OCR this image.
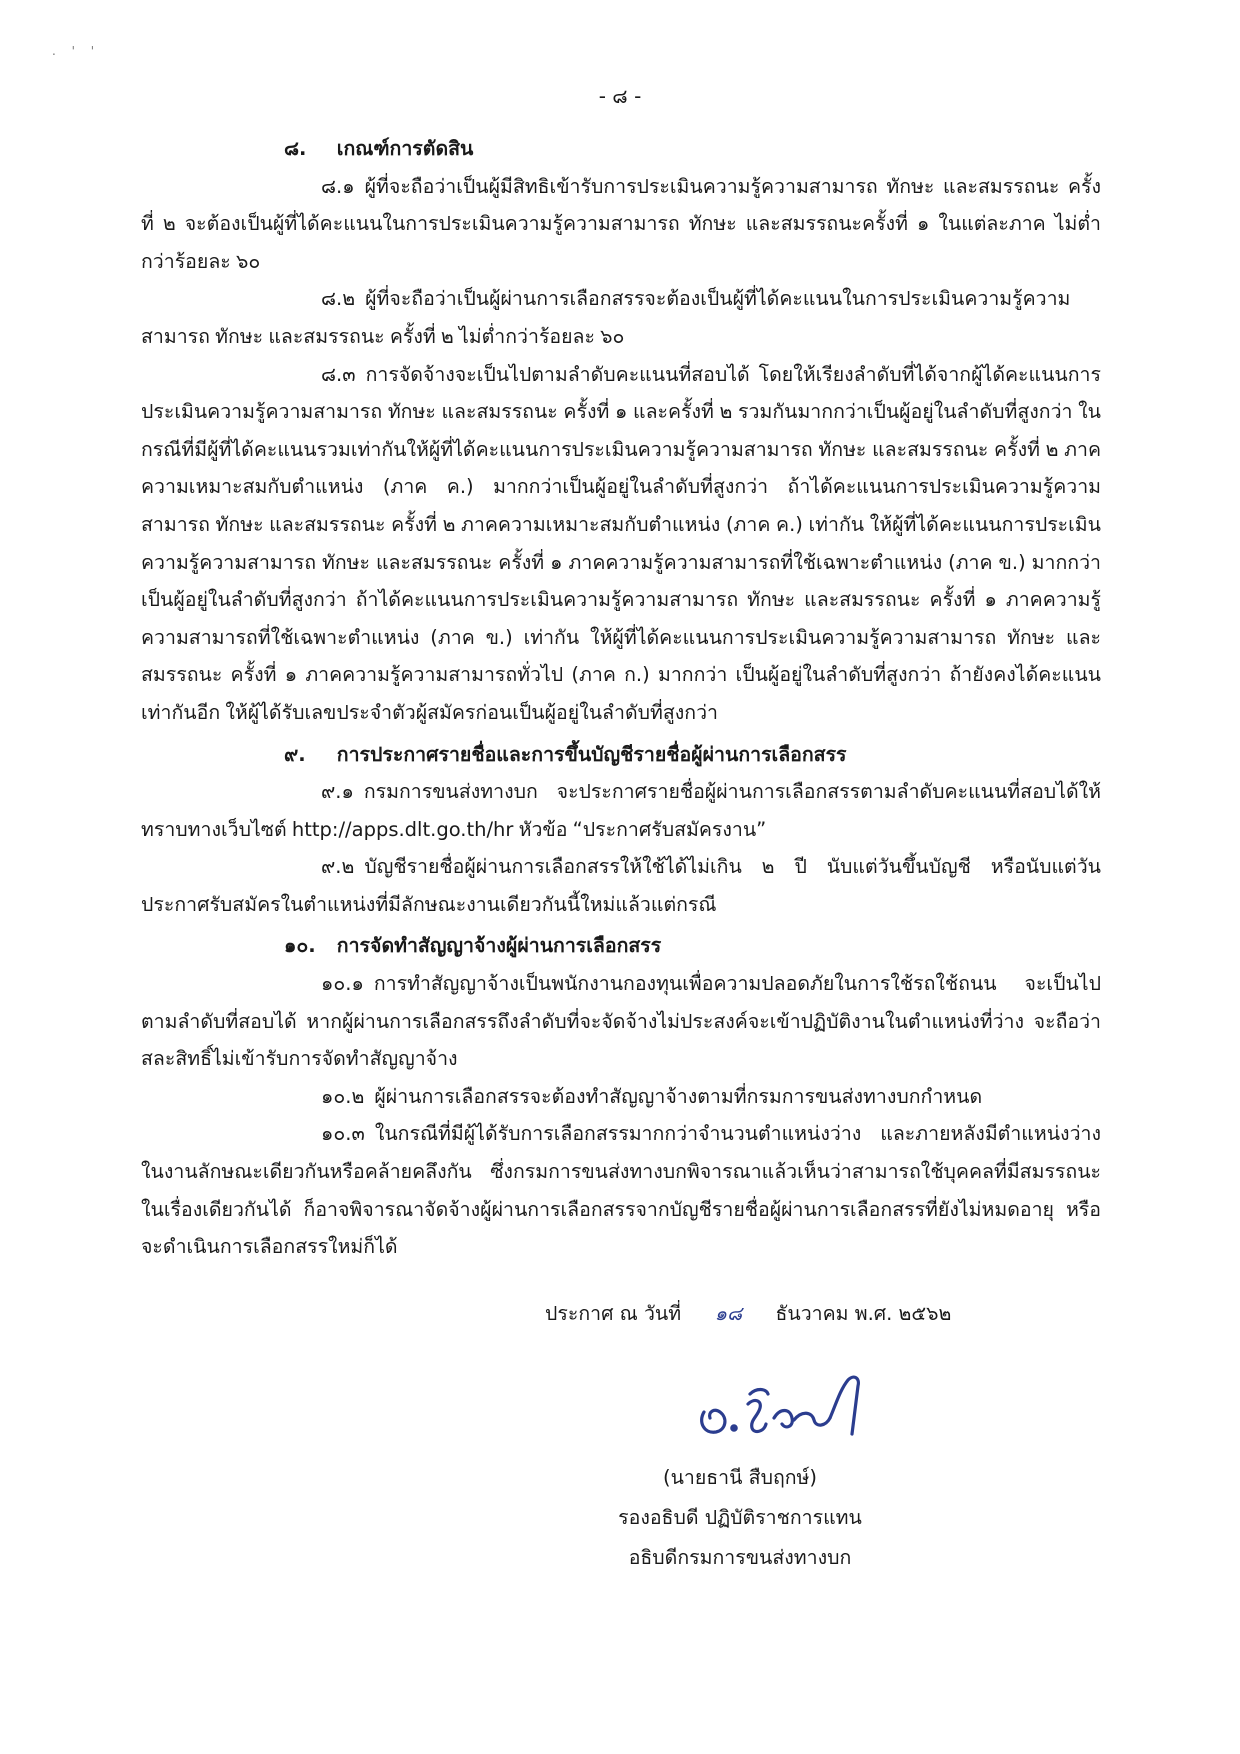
. ' '
- ๘ -

๘. เกณฑ์การตัดสิน

๘.๑ ผู้ที่จะถือว่าเป็นผู้มีสิทธิเข้ารับการประเมินความรู้ความสามารถ ทักษะ และสมรรถนะ ครั้งที่ ๒ จะต้องเป็นผู้ที่ได้คะแนนในการประเมินความรู้ความสามารถ ทักษะ และสมรรถนะครั้งที่ ๑ ในแต่ละภาค ไม่ต่ำกว่าร้อยละ ๖๐

๘.๒ ผู้ที่จะถือว่าเป็นผู้ผ่านการเลือกสรรจะต้องเป็นผู้ที่ได้คะแนนในการประเมินความรู้ความสามารถ ทักษะ และสมรรถนะ ครั้งที่ ๒ ไม่ต่ำกว่าร้อยละ ๖๐

๘.๓ การจัดจ้างจะเป็นไปตามลำดับคะแนนที่สอบได้ โดยให้เรียงลำดับที่ได้จากผู้ได้คะแนนการประเมินความรู้ความสามารถ ทักษะ และสมรรถนะ ครั้งที่ ๑ และครั้งที่ ๒ รวมกันมากกว่าเป็นผู้อยู่ในลำดับที่สูงกว่า ในกรณีที่มีผู้ที่ได้คะแนนรวมเท่ากันให้ผู้ที่ได้คะแนนการประเมินความรู้ความสามารถ ทักษะ และสมรรถนะ ครั้งที่ ๒ ภาคความเหมาะสมกับตำแหน่ง (ภาค ค.) มากกว่าเป็นผู้อยู่ในลำดับที่สูงกว่า ถ้าได้คะแนนการประเมินความรู้ความสามารถ ทักษะ และสมรรถนะ ครั้งที่ ๒ ภาคความเหมาะสมกับตำแหน่ง (ภาค ค.) เท่ากัน ให้ผู้ที่ได้คะแนนการประเมินความรู้ความสามารถ ทักษะ และสมรรถนะ ครั้งที่ ๑ ภาคความรู้ความสามารถที่ใช้เฉพาะตำแหน่ง (ภาค ข.) มากกว่าเป็นผู้อยู่ในลำดับที่สูงกว่า ถ้าได้คะแนนการประเมินความรู้ความสามารถ ทักษะ และสมรรถนะ ครั้งที่ ๑ ภาคความรู้ความสามารถที่ใช้เฉพาะตำแหน่ง (ภาค ข.) เท่ากัน ให้ผู้ที่ได้คะแนนการประเมินความรู้ความสามารถ ทักษะ และสมรรถนะ ครั้งที่ ๑ ภาคความรู้ความสามารถทั่วไป (ภาค ก.) มากกว่า เป็นผู้อยู่ในลำดับที่สูงกว่า ถ้ายังคงได้คะแนนเท่ากันอีก ให้ผู้ได้รับเลขประจำตัวผู้สมัครก่อนเป็นผู้อยู่ในลำดับที่สูงกว่า

๙. การประกาศรายชื่อและการขึ้นบัญชีรายชื่อผู้ผ่านการเลือกสรร

๙.๑ กรมการขนส่งทางบก จะประกาศรายชื่อผู้ผ่านการเลือกสรรตามลำดับคะแนนที่สอบได้ให้ทราบทางเว็บไซต์ http://apps.dlt.go.th/hr หัวข้อ “ประกาศรับสมัครงาน”

๙.๒ บัญชีรายชื่อผู้ผ่านการเลือกสรรให้ใช้ได้ไม่เกิน ๒ ปี นับแต่วันขึ้นบัญชี หรือนับแต่วันประกาศรับสมัครในตำแหน่งที่มีลักษณะงานเดียวกันนี้ใหม่แล้วแต่กรณี

๑๐. การจัดทำสัญญาจ้างผู้ผ่านการเลือกสรร

๑๐.๑ การทำสัญญาจ้างเป็นพนักงานกองทุนเพื่อความปลอดภัยในการใช้รถใช้ถนน จะเป็นไปตามลำดับที่สอบได้ หากผู้ผ่านการเลือกสรรถึงลำดับที่จะจัดจ้างไม่ประสงค์จะเข้าปฏิบัติงานในตำแหน่งที่ว่าง จะถือว่าสละสิทธิ์ไม่เข้ารับการจัดทำสัญญาจ้าง

๑๐.๒ ผู้ผ่านการเลือกสรรจะต้องทำสัญญาจ้างตามที่กรมการขนส่งทางบกกำหนด

๑๐.๓ ในกรณีที่มีผู้ได้รับการเลือกสรรมากกว่าจำนวนตำแหน่งว่าง และภายหลังมีตำแหน่งว่างในงานลักษณะเดียวกันหรือคล้ายคลึงกัน ซึ่งกรมการขนส่งทางบกพิจารณาแล้วเห็นว่าสามารถใช้บุคคลที่มีสมรรถนะในเรื่องเดียวกันได้ ก็อาจพิจารณาจัดจ้างผู้ผ่านการเลือกสรรจากบัญชีรายชื่อผู้ผ่านการเลือกสรรที่ยังไม่หมดอายุ หรือจะดำเนินการเลือกสรรใหม่ก็ได้

ประกาศ ณ วันที่ ๑๘ ธันวาคม พ.ศ. ๒๕๖๒
(นายธานี สืบฤกษ์)
รองอธิบดี ปฏิบัติราชการแทน
อธิบดีกรมการขนส่งทางบก
